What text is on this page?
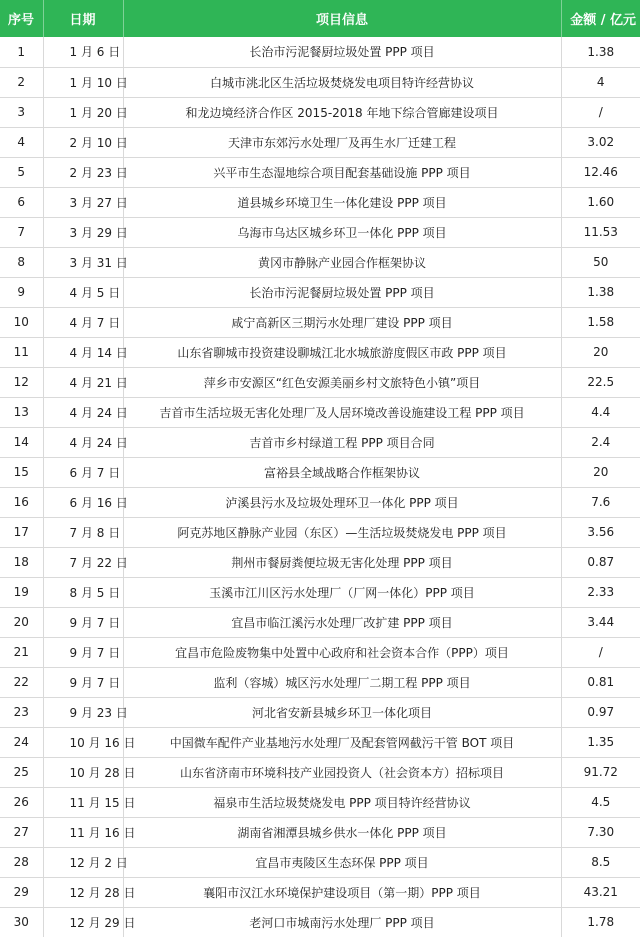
序号	日期	项目信息	金额 / 亿元
1	1 月 6 日	长治市污泥餐厨垃圾处置 PPP 项目	1.38
2	1 月 10 日	白城市洮北区生活垃圾焚烧发电项目特许经营协议	4
3	1 月 20 日	和龙边境经济合作区 2015-2018 年地下综合管廊建设项目	/
4	2 月 10 日	天津市东郊污水处理厂及再生水厂迁建工程	3.02
5	2 月 23 日	兴平市生态湿地综合项目配套基础设施 PPP 项目	12.46
6	3 月 27 日	道县城乡环境卫生一体化建设 PPP 项目	1.60
7	3 月 29 日	乌海市乌达区城乡环卫一体化 PPP 项目	11.53
8	3 月 31 日	黄冈市静脉产业园合作框架协议	50
9	4 月 5 日	长治市污泥餐厨垃圾处置 PPP 项目	1.38
10	4 月 7 日	咸宁高新区三期污水处理厂建设 PPP 项目	1.58
11	4 月 14 日	山东省聊城市投资建设聊城江北水城旅游度假区市政 PPP 项目	20
12	4 月 21 日	萍乡市安源区“红色安源美丽乡村文旅特色小镇”项目	22.5
13	4 月 24 日	吉首市生活垃圾无害化处理厂及人居环境改善设施建设工程 PPP 项目	4.4
14	4 月 24 日	吉首市乡村绿道工程 PPP 项目合同	2.4
15	6 月 7 日	富裕县全域战略合作框架协议	20
16	6 月 16 日	泸溪县污水及垃圾处理环卫一体化 PPP 项目	7.6
17	7 月 8 日	阿克苏地区静脉产业园（东区）—生活垃圾焚烧发电 PPP 项目	3.56
18	7 月 22 日	荆州市餐厨粪便垃圾无害化处理 PPP 项目	0.87
19	8 月 5 日	玉溪市江川区污水处理厂（厂网一体化）PPP 项目	2.33
20	9 月 7 日	宜昌市临江溪污水处理厂改扩建 PPP 项目	3.44
21	9 月 7 日	宜昌市危险废物集中处置中心政府和社会资本合作（PPP）项目	/
22	9 月 7 日	监利（容城）城区污水处理厂二期工程 PPP 项目	0.81
23	9 月 23 日	河北省安新县城乡环卫一体化项目	0.97
24	10 月 16 日	中国微车配件产业基地污水处理厂及配套管网截污干管 BOT 项目	1.35
25	10 月 28 日	山东省济南市环境科技产业园投资人（社会资本方）招标项目	91.72
26	11 月 15 日	福泉市生活垃圾焚烧发电 PPP 项目特许经营协议	4.5
27	11 月 16 日	湖南省湘潭县城乡供水一体化 PPP 项目	7.30
28	12 月 2 日	宜昌市夷陵区生态环保 PPP 项目	8.5
29	12 月 28 日	襄阳市汉江水环境保护建设项目（第一期）PPP 项目	43.21
30	12 月 29 日	老河口市城南污水处理厂 PPP 项目	1.78
